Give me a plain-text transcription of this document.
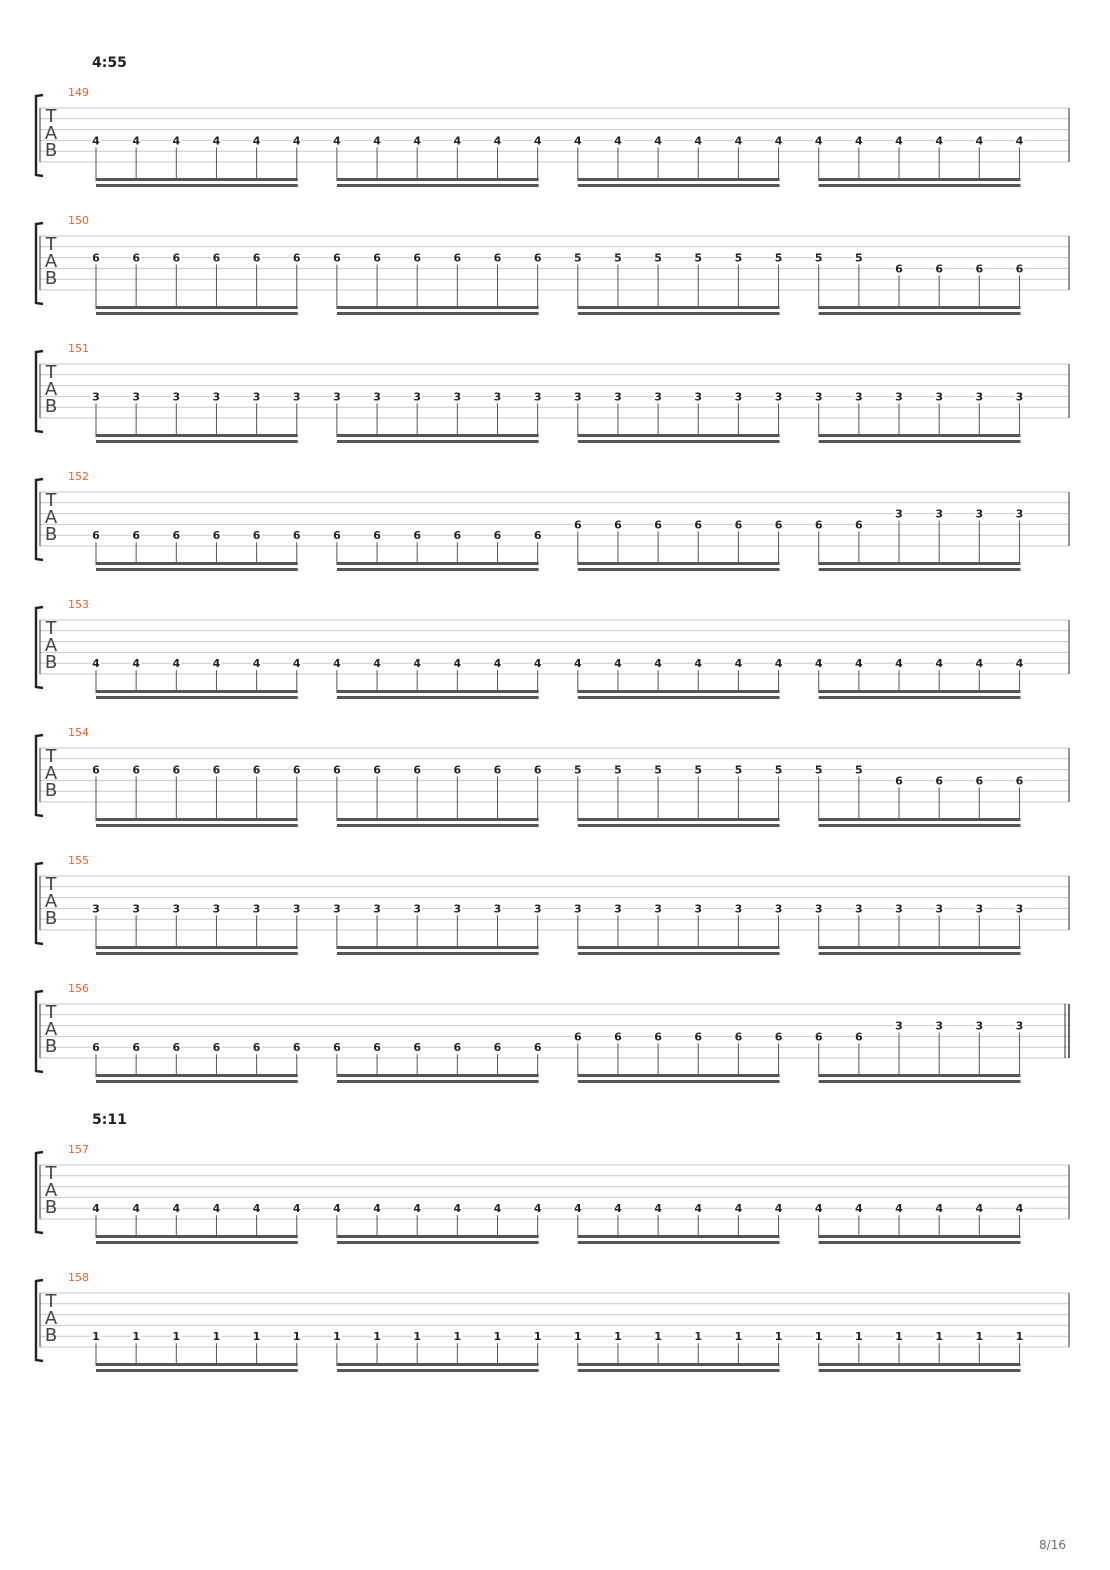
4:55
149
T
A
B	4	4	4	4	4	4	4	4	4	4	4	4	4	4	4	4	4	4	4	4	4	4	4	4
150
T
A
B
6	6	6	6	6	6	6	6	6	6	6	6	5	5	5	5	5	5	5	5
6	6	6	6
151
T
A
B	3	3	3	3	3	3	3	3	3	3	3	3	3	3	3	3	3	3	3	3	3	3	3	3
152
T
A
B	6	6	6	6	6	6	6	6	6	6	6	6
6	6	6	6	6	6	6	6
3	3	3	3
153
T
A
B	4	4	4	4	4	4	4	4	4	4	4	4	4	4	4	4	4	4	4	4	4	4	4	4
154
T
A
B
6	6	6	6	6	6	6	6	6	6	6	6	5	5	5	5	5	5	5	5
6	6	6	6
155
T
A
B	3	3	3	3	3	3	3	3	3	3	3	3	3	3	3	3	3	3	3	3	3	3	3	3
156
T
A
B	6	6	6	6	6	6	6	6	6	6	6	6
6	6	6	6	6	6	6	6
3	3	3	3
5:11
157
T
A
B	4	4	4	4	4	4	4	4	4	4	4	4	4	4	4	4	4	4	4	4	4	4	4	4
158
T
A
B	1	1	1	1	1	1	1	1	1	1	1	1	1	1	1	1	1	1	1	1	1	1	1	1
8/16
